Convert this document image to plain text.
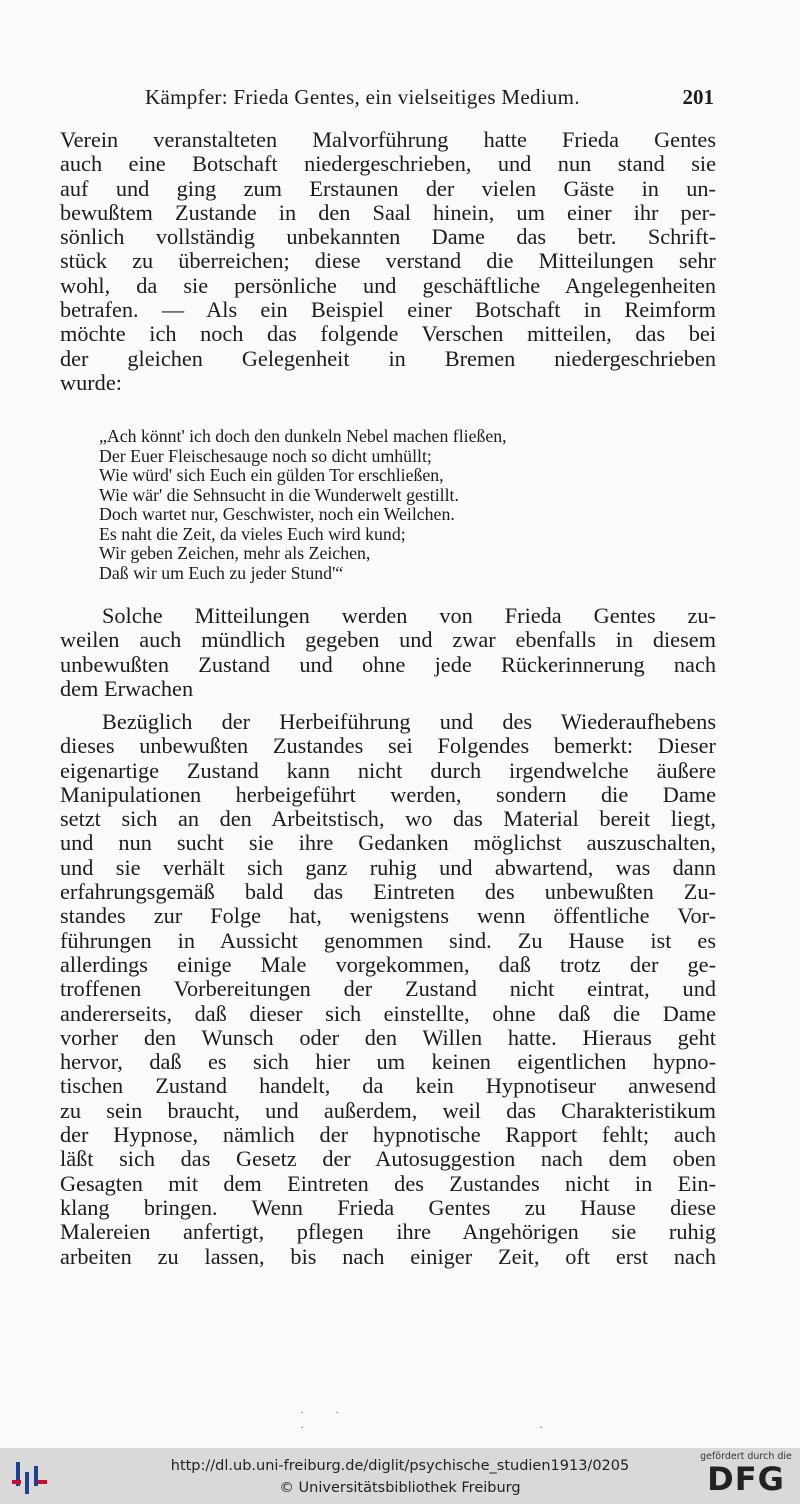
Kämpfer: Frieda Gentes, ein vielseitiges Medium.	201
Verein veranstalteten Malvorführung hatte Frieda Gentes
auch eine Botschaft niedergeschrieben, und nun stand sie
auf und ging zum Erstaunen der vielen Gäste in un-
bewußtem Zustande in den Saal hinein, um einer ihr per-
sönlich vollständig unbekannten Dame das betr. Schrift-
stück zu überreichen; diese verstand die Mitteilungen sehr
wohl, da sie persönliche und geschäftliche Angelegenheiten
betrafen. — Als ein Beispiel einer Botschaft in Reimform
möchte ich noch das folgende Verschen mitteilen, das bei
der gleichen Gelegenheit in Bremen niedergeschrieben
wurde:
„Ach könnt' ich doch den dunkeln Nebel machen fließen,
Der Euer Fleischesauge noch so dicht umhüllt;
Wie würd' sich Euch ein gülden Tor erschließen,
Wie wär' die Sehnsucht in die Wunderwelt gestillt.
Doch wartet nur, Geschwister, noch ein Weilchen.
Es naht die Zeit, da vieles Euch wird kund;
Wir geben Zeichen, mehr als Zeichen,
Daß wir um Euch zu jeder Stund'“
Solche Mitteilungen werden von Frieda Gentes zu-
weilen auch mündlich gegeben und zwar ebenfalls in diesem
unbewußten Zustand und ohne jede Rückerinnerung nach
dem Erwachen
Bezüglich der Herbeiführung und des Wiederaufhebens
dieses unbewußten Zustandes sei Folgendes bemerkt: Dieser
eigenartige Zustand kann nicht durch irgendwelche äußere
Manipulationen herbeigeführt werden, sondern die Dame
setzt sich an den Arbeitstisch, wo das Material bereit liegt,
und nun sucht sie ihre Gedanken möglichst auszuschalten,
und sie verhält sich ganz ruhig und abwartend, was dann
erfahrungsgemäß bald das Eintreten des unbewußten Zu-
standes zur Folge hat, wenigstens wenn öffentliche Vor-
führungen in Aussicht genommen sind. Zu Hause ist es
allerdings einige Male vorgekommen, daß trotz der ge-
troffenen Vorbereitungen der Zustand nicht eintrat, und
andererseits, daß dieser sich einstellte, ohne daß die Dame
vorher den Wunsch oder den Willen hatte. Hieraus geht
hervor, daß es sich hier um keinen eigentlichen hypno-
tischen Zustand handelt, da kein Hypnotiseur anwesend
zu sein braucht, und außerdem, weil das Charakteristikum
der Hypnose, nämlich der hypnotische Rapport fehlt; auch
läßt sich das Gesetz der Autosuggestion nach dem oben
Gesagten mit dem Eintreten des Zustandes nicht in Ein-
klang bringen. Wenn Frieda Gentes zu Hause diese
Malereien anfertigt, pflegen ihre Angehörigen sie ruhig
arbeiten zu lassen, bis nach einiger Zeit, oft erst nach
· · ·             ·
http://dl.ub.uni-freiburg.de/diglit/psychische_studien1913/0205
© Universitätsbibliothek Freiburg
gefördert durch die
DFG
